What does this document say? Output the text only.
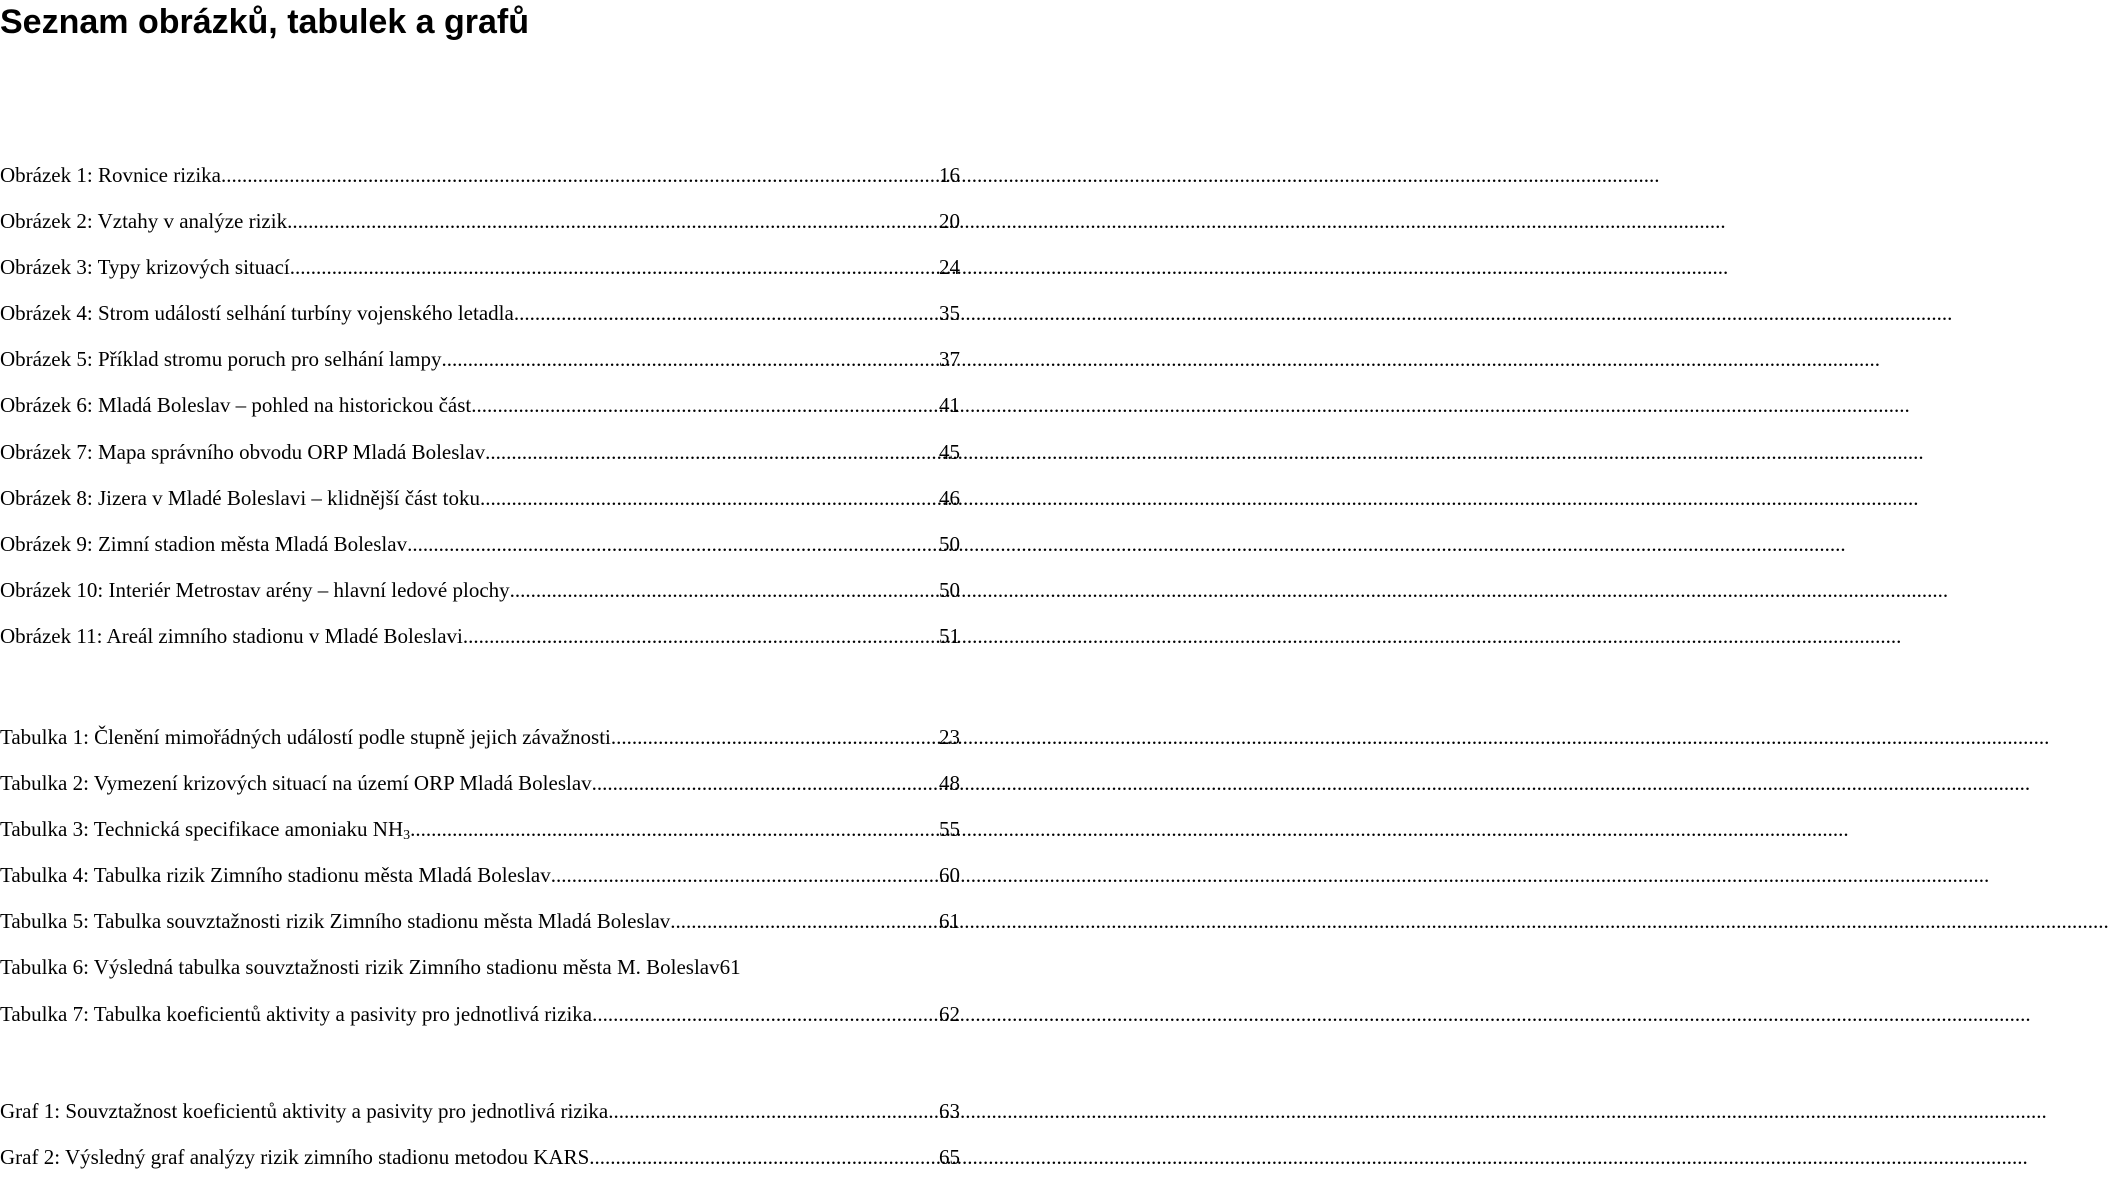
Seznam obrázků, tabulek a grafů
Obrázek 1: Rovnice rizika .....	16
Obrázek 2: Vztahy v analýze rizik .....	20
Obrázek 3: Typy krizových situací .....	24
Obrázek 4: Strom událostí selhání turbíny vojenského letadla .....	35
Obrázek 5: Příklad stromu poruch pro selhání lampy .....	37
Obrázek 6: Mladá Boleslav – pohled na historickou část .....	41
Obrázek 7: Mapa správního obvodu ORP Mladá Boleslav .....	45
Obrázek 8: Jizera v Mladé Boleslavi – klidnější část toku .....	46
Obrázek 9: Zimní stadion města Mladá Boleslav .....	50
Obrázek 10: Interiér Metrostav arény – hlavní ledové plochy .....	50
Obrázek 11: Areál zimního stadionu v Mladé Boleslavi .....	51
Tabulka 1: Členění mimořádných událostí podle stupně jejich závažnosti .....	23
Tabulka 2: Vymezení krizových situací na území ORP Mladá Boleslav .....	48
Tabulka 3: Technická specifikace amoniaku $NH_3$ .....	55
Tabulka 4: Tabulka rizik Zimního stadionu města Mladá Boleslav .....	60
Tabulka 5: Tabulka souvztažnosti rizik Zimního stadionu města Mladá Boleslav .....	61
Tabulka 6: Výsledná tabulka souvztažnosti rizik Zimního stadionu města M. Boleslav 61
Tabulka 7: Tabulka koeficientů aktivity a pasivity pro jednotlivá rizika .....	62
Graf 1: Souvztažnost koeficientů aktivity a pasivity pro jednotlivá rizika .....	63
Graf 2: Výsledný graf analýzy rizik zimního stadionu metodou KARS .....	65
